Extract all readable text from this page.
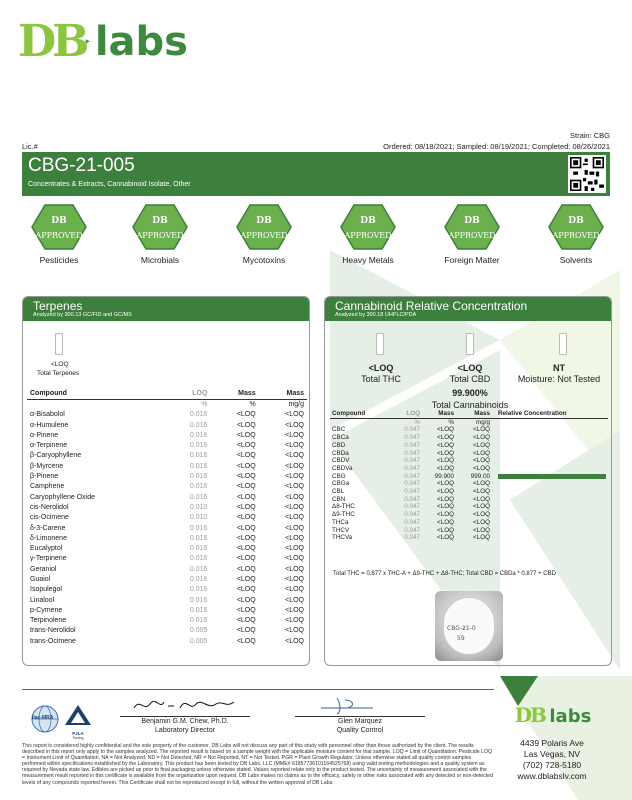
DB labs
Strain: CBG
Lic.#	Ordered: 08/18/2021; Sampled: 08/19/2021; Completed: 08/26/2021
CBG-21-005
Concentrates & Extracts, Cannabinoid Isolate, Other
DB
APPROVED
Pesticides
DB
APPROVED
Microbials
DB
APPROVED
Mycotoxins
DB
APPROVED
Heavy Metals
DB
APPROVED
Foreign Matter
DB
APPROVED
Solvents
Terpenes
Analyzed by 300.13 GC/FID and GC/MS
<LOQ
Total Terpenes
Compound	LOQ	Mass	Mass
	%	%	mg/g
α-Bisabolol	0.016	<LOQ	<LOQ
α-Humulene	0.016	<LOQ	<LOQ
α-Pinene	0.016	<LOQ	<LOQ
α-Terpinene	0.016	<LOQ	<LOQ
β-Caryophyllene	0.016	<LOQ	<LOQ
β-Myrcene	0.016	<LOQ	<LOQ
β-Pinene	0.016	<LOQ	<LOQ
Camphene	0.016	<LOQ	<LOQ
Caryophyllene Oxide	0.016	<LOQ	<LOQ
cis-Nerolidol	0.010	<LOQ	<LOQ
cis-Ocimene	0.010	<LOQ	<LOQ
δ-3-Carene	0.016	<LOQ	<LOQ
δ-Limonene	0.016	<LOQ	<LOQ
Eucalyptol	0.016	<LOQ	<LOQ
γ-Terpinene	0.016	<LOQ	<LOQ
Geraniol	0.016	<LOQ	<LOQ
Guaiol	0.016	<LOQ	<LOQ
Isopulegol	0.016	<LOQ	<LOQ
Linalool	0.016	<LOQ	<LOQ
p-Cymene	0.016	<LOQ	<LOQ
Terpinolene	0.016	<LOQ	<LOQ
trans-Nerolidol	0.005	<LOQ	<LOQ
trans-Ocimene	0.005	<LOQ	<LOQ
Cannabinoid Relative Concentration
Analyzed by 300.18 UHPLC/PDA
<LOQ
Total THC
<LOQ
Total CBD
NT
Moisture: Not Tested
99.900%
Total Cannabinoids
Compound	LOQ	Mass	Mass	Relative Concentration
	%	%	mg/g	
CBC	0.047	<LOQ	<LOQ	

CBCa	0.047	<LOQ	<LOQ	

CBD	0.047	<LOQ	<LOQ	

CBDa	0.047	<LOQ	<LOQ	

CBDV	0.047	<LOQ	<LOQ	

CBDVa	0.047	<LOQ	<LOQ	

CBG	0.047	99.900	999.00	

CBGa	0.047	<LOQ	<LOQ	

CBL	0.047	<LOQ	<LOQ	

CBN	0.047	<LOQ	<LOQ	

Δ8-THC	0.047	<LOQ	<LOQ	

Δ9-THC	0.047	<LOQ	<LOQ	

THCa	0.047	<LOQ	<LOQ	

THCV	0.047	<LOQ	<LOQ	

THCVa	0.047	<LOQ	<LOQ	
Total THC = 0.877 x THC-A + Δ9-THC + Δ8-THC; Total CBD = CBDa * 0.877 + CBD
CBG-21-0
59
ilac-MRA
PJLA
Testing
Benjamin G.M. Chew, Ph.D.
Laboratory Director
Glen Marquez
Quality Control
This report is considered highly confidential and the sole property of the customer. DB Labs will not discuss any part of this study with personnel other than those authorized by the client. The results described in this report only apply to the samples analyzed. The reported result is based on a sample weight with the applicable moisture content for that sample. LOQ = Limit of Quantitation. Pesticide LOQ = Instrument Limit of Quantitation, NA = Not Analyzed, ND = Not Detected, NR = Not Reported, NT = Not Tested. PGR = Plant Growth Regulator. Unless otherwise stated all quality control samples performed within specifications established by the Laboratory. This product has been tested by DB Labs, LLC (MME# 61857736101164525768) using valid testing methodologies and a quality system as required by Nevada state law. Edibles are picked up prior to final packaging unless otherwise stated. Values reported relate only to the product tested. The uncertainty of measurement associated with the measurement result reported in this certificate is available from the organization upon request. DB Labs makes no claims as to the efficacy, safety or other risks associated with any detected or non-detected levels of any compounds reported herein. This Certificate shall not be reproduced except in full, without the written approval of DB Labs.
DB labs
4439 Polaris Ave
Las Vegas, NV
(702) 728-5180
www.dblabslv.com
